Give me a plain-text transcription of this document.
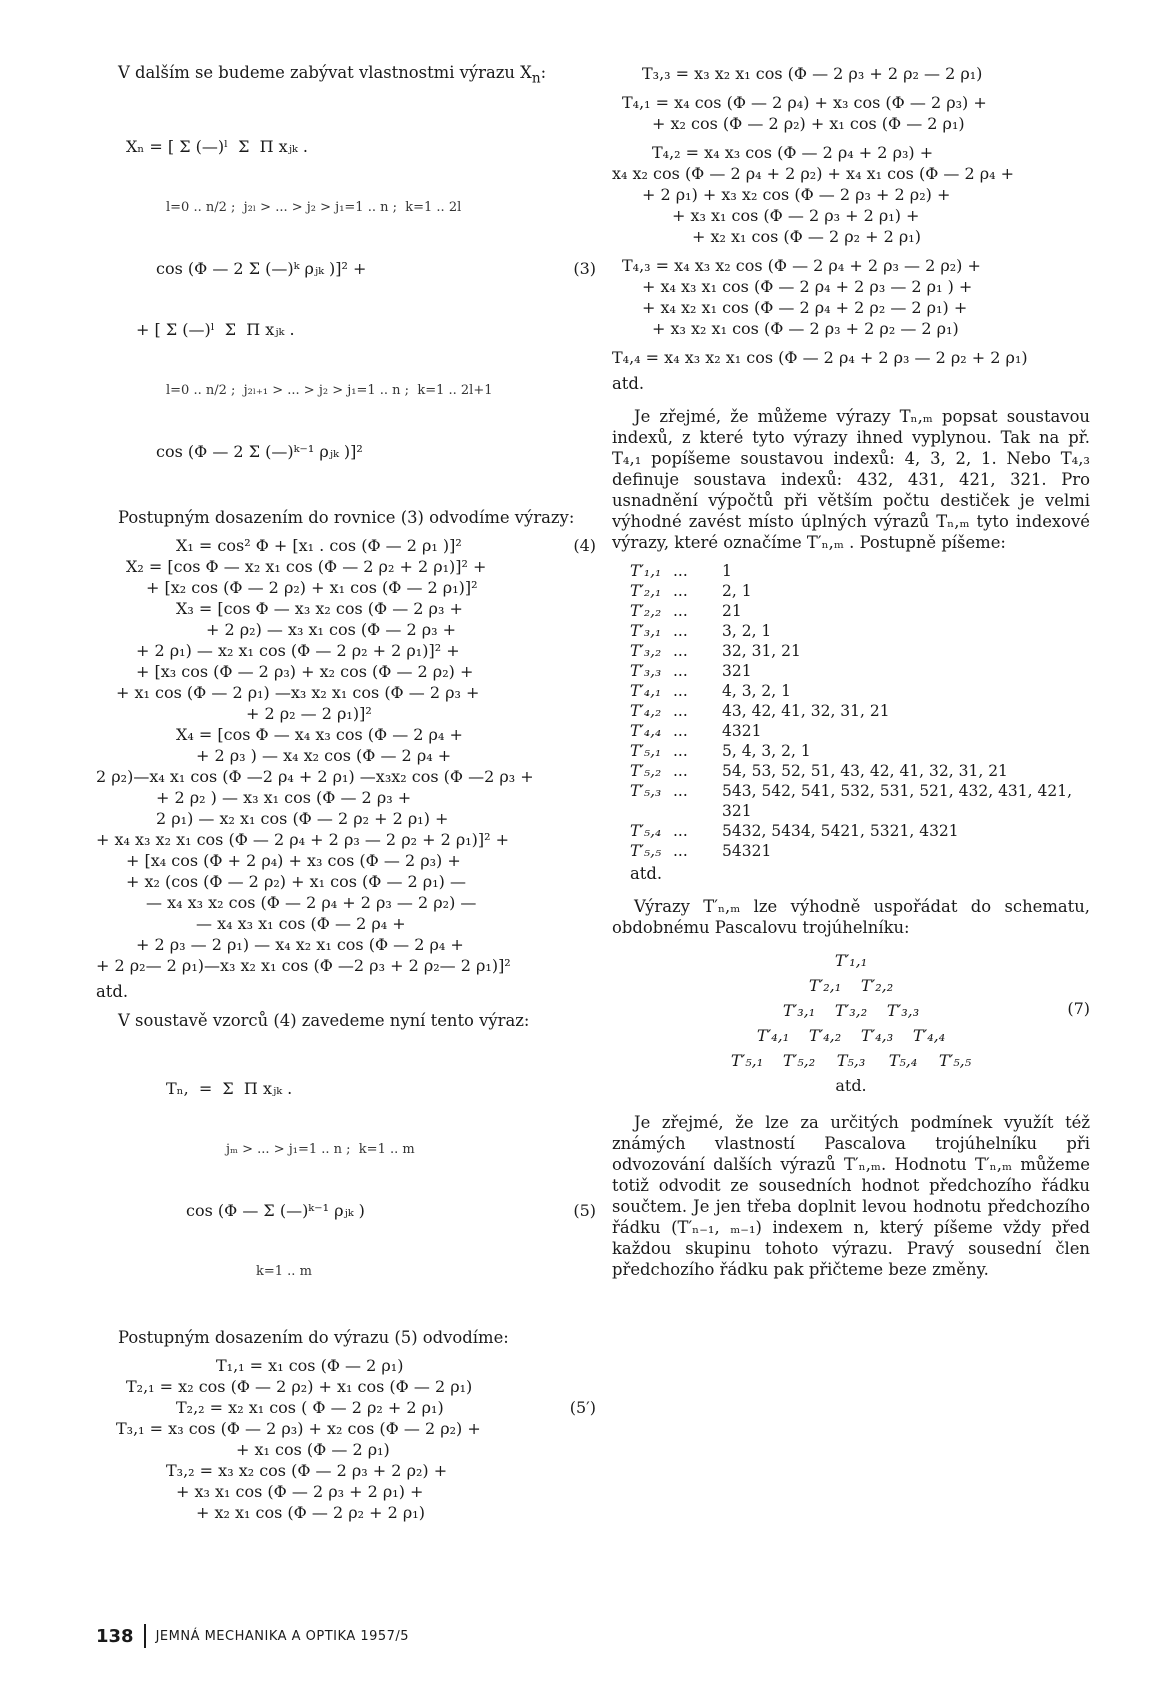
V dalším se budeme zabývat vlastnostmi výrazu $X_n$:

Xₙ = [ Σ (—)ˡ  Σ  Π xⱼₖ .

l=0 .. n/2 ;  j₂ₗ > ... > j₂ > j₁=1 .. n ;  k=1 .. 2l

cos (Φ — 2 Σ (—)ᵏ ρⱼₖ )]² +	(3)

+ [ Σ (—)ˡ  Σ  Π xⱼₖ .

l=0 .. n/2 ;  j₂ₗ₊₁ > ... > j₂ > j₁=1 .. n ;  k=1 .. 2l+1

cos (Φ — 2 Σ (—)ᵏ⁻¹ ρⱼₖ )]²

Postupným dosazením do rovnice (3) odvodíme výrazy:

X₁ = cos² Φ + [x₁ . cos (Φ — 2 ρ₁ )]²	(4)
X₂ = [cos Φ — x₂ x₁ cos (Φ — 2 ρ₂ + 2 ρ₁)]² +
+ [x₂ cos (Φ — 2 ρ₂) + x₁ cos (Φ — 2 ρ₁)]²
X₃ = [cos Φ — x₃ x₂ cos (Φ — 2 ρ₃ +
+ 2 ρ₂) — x₃ x₁ cos (Φ — 2 ρ₃ +
+ 2 ρ₁) — x₂ x₁ cos (Φ — 2 ρ₂ + 2 ρ₁)]² +
+ [x₃ cos (Φ — 2 ρ₃) + x₂ cos (Φ — 2 ρ₂) +
+ x₁ cos (Φ — 2 ρ₁) —x₃ x₂ x₁ cos (Φ — 2 ρ₃ +
+ 2 ρ₂ — 2 ρ₁)]²
X₄ = [cos Φ — x₄ x₃ cos (Φ — 2 ρ₄ +
+ 2 ρ₃ ) — x₄ x₂ cos (Φ — 2 ρ₄ +
2 ρ₂)—x₄ x₁ cos (Φ —2 ρ₄ + 2 ρ₁) —x₃x₂ cos (Φ —2 ρ₃ +
+ 2 ρ₂ ) — x₃ x₁ cos (Φ — 2 ρ₃ +
2 ρ₁) — x₂ x₁ cos (Φ — 2 ρ₂ + 2 ρ₁) +
+ x₄ x₃ x₂ x₁ cos (Φ — 2 ρ₄ + 2 ρ₃ — 2 ρ₂ + 2 ρ₁)]² +
+ [x₄ cos (Φ + 2 ρ₄) + x₃ cos (Φ — 2 ρ₃) +
+ x₂ (cos (Φ — 2 ρ₂) + x₁ cos (Φ — 2 ρ₁) —
— x₄ x₃ x₂ cos (Φ — 2 ρ₄ + 2 ρ₃ — 2 ρ₂) —
— x₄ x₃ x₁ cos (Φ — 2 ρ₄ +
+ 2 ρ₃ — 2 ρ₁) — x₄ x₂ x₁ cos (Φ — 2 ρ₄ +
+ 2 ρ₂— 2 ρ₁)—x₃ x₂ x₁ cos (Φ —2 ρ₃ + 2 ρ₂— 2 ρ₁)]²

atd.

V soustavě vzorců (4) zavedeme nyní tento výraz:

Tₙ,  =  Σ  Π xⱼₖ .

jₘ > ... > j₁=1 .. n ;  k=1 .. m

cos (Φ — Σ (—)ᵏ⁻¹ ρⱼₖ )	(5)

k=1 .. m

Postupným dosazením do výrazu (5) odvodíme:

T₁,₁ = x₁ cos (Φ — 2 ρ₁)
T₂,₁ = x₂ cos (Φ — 2 ρ₂) + x₁ cos (Φ — 2 ρ₁)
T₂,₂ = x₂ x₁ cos ( Φ — 2 ρ₂ + 2 ρ₁)	(5′)
T₃,₁ = x₃ cos (Φ — 2 ρ₃) + x₂ cos (Φ — 2 ρ₂) +
+ x₁ cos (Φ — 2 ρ₁)
T₃,₂ = x₃ x₂ cos (Φ — 2 ρ₃ + 2 ρ₂) +
+ x₃ x₁ cos (Φ — 2 ρ₃ + 2 ρ₁) +
+ x₂ x₁ cos (Φ — 2 ρ₂ + 2 ρ₁)
T₃,₃ = x₃ x₂ x₁ cos (Φ — 2 ρ₃ + 2 ρ₂ — 2 ρ₁)
T₄,₁ = x₄ cos (Φ — 2 ρ₄) + x₃ cos (Φ — 2 ρ₃) +
+ x₂ cos (Φ — 2 ρ₂) + x₁ cos (Φ — 2 ρ₁)
T₄,₂ = x₄ x₃ cos (Φ — 2 ρ₄ + 2 ρ₃) +
x₄ x₂ cos (Φ — 2 ρ₄ + 2 ρ₂) + x₄ x₁ cos (Φ — 2 ρ₄ +
+ 2 ρ₁) + x₃ x₂ cos (Φ — 2 ρ₃ + 2 ρ₂) +
+ x₃ x₁ cos (Φ — 2 ρ₃ + 2 ρ₁) +
+ x₂ x₁ cos (Φ — 2 ρ₂ + 2 ρ₁)
T₄,₃ = x₄ x₃ x₂ cos (Φ — 2 ρ₄ + 2 ρ₃ — 2 ρ₂) +
+ x₄ x₃ x₁ cos (Φ — 2 ρ₄ + 2 ρ₃ — 2 ρ₁ ) +
+ x₄ x₂ x₁ cos (Φ — 2 ρ₄ + 2 ρ₂ — 2 ρ₁) +
+ x₃ x₂ x₁ cos (Φ — 2 ρ₃ + 2 ρ₂ — 2 ρ₁)
T₄,₄ = x₄ x₃ x₂ x₁ cos (Φ — 2 ρ₄ + 2 ρ₃ — 2 ρ₂ + 2 ρ₁)

atd.

Je zřejmé, že můžeme výrazy Tₙ,ₘ popsat soustavou indexů, z které tyto výrazy ihned vyplynou. Tak na př. T₄,₁ popíšeme soustavou indexů: 4, 3, 2, 1. Nebo T₄,₃ definuje soustava indexů: 432, 431, 421, 321. Pro usnadnění výpočtů při větším počtu destiček je velmi výhodné zavést místo úplných výrazů Tₙ,ₘ tyto indexové výrazy, které označíme T′ₙ,ₘ . Postupně píšeme:

T′₁,₁	...	1
T′₂,₁	...	2, 1
T′₂,₂	...	21
T′₃,₁	...	3, 2, 1
T′₃,₂	...	32, 31, 21
T′₃,₃	...	321
T′₄,₁	...	4, 3, 2, 1
T′₄,₂	...	43, 42, 41, 32, 31, 21
T′₄,₄	...	4321
T′₅,₁	...	5, 4, 3, 2, 1
T′₅,₂	...	54, 53, 52, 51, 43, 42, 41, 32, 31, 21
T′₅,₃	...	543, 542, 541, 532, 531, 521, 432, 431, 421, 321
T′₅,₄	...	5432, 5434, 5421, 5321, 4321
T′₅,₅	...	54321

atd.

Výrazy T′ₙ,ₘ lze výhodně uspořádat do schematu, obdobnému Pascalovu trojúhelníku:

(7)
T′₁,₁
T′₂,₁ T′₂,₂
T′₃,₁ T′₃,₂ T′₃,₃
T′₄,₁ T′₄,₂ T′₄,₃ T′₄,₄
T′₅,₁ T′₅,₂ T₅,₃ T₅,₄ T′₅,₅
atd.

Je zřejmé, že lze za určitých podmínek využít též známých vlastností Pascalova trojúhelníku při odvozování dalších výrazů T′ₙ,ₘ. Hodnotu T′ₙ,ₘ můžeme totiž odvodit ze sousedních hodnot předchozího řádku součtem. Je jen třeba doplnit levou hodnotu předchozího řádku (T′ₙ₋₁, ₘ₋₁) indexem n, který píšeme vždy před každou skupinu tohoto výrazu. Pravý sousední člen předchozího řádku pak přičteme beze změny.

138 JEMNÁ MECHANIKA A OPTIKA 1957/5
